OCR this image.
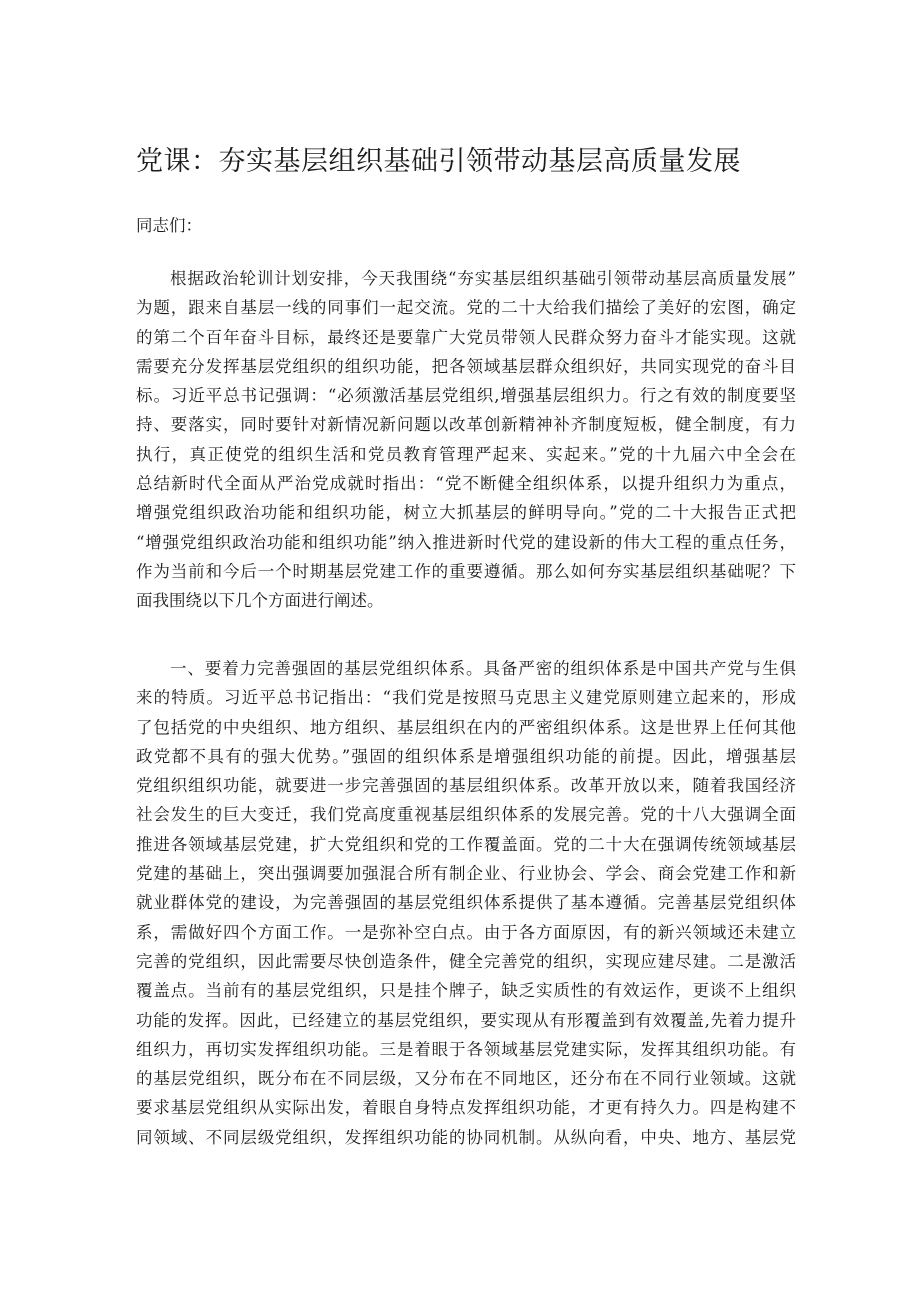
党课：夯实基层组织基础引领带动基层高质量发展

同志们：

根据政治轮训计划安排，今天我围绕“夯实基层组织基础引领带动基层高质量发展”
为题，跟来自基层一线的同事们一起交流。党的二十大给我们描绘了美好的宏图，确定
的第二个百年奋斗目标，最终还是要靠广大党员带领人民群众努力奋斗才能实现。这就
需要充分发挥基层党组织的组织功能，把各领域基层群众组织好，共同实现党的奋斗目
标。习近平总书记强调：“必须激活基层党组织,增强基层组织力。行之有效的制度要坚
持、要落实，同时要针对新情况新问题以改革创新精神补齐制度短板，健全制度，有力
执行，真正使党的组织生活和党员教育管理严起来、实起来。”党的十九届六中全会在
总结新时代全面从严治党成就时指出：“党不断健全组织体系，以提升组织力为重点，
增强党组织政治功能和组织功能，树立大抓基层的鲜明导向。”党的二十大报告正式把
“增强党组织政治功能和组织功能”纳入推进新时代党的建设新的伟大工程的重点任务，
作为当前和今后一个时期基层党建工作的重要遵循。那么如何夯实基层组织基础呢？下
面我围绕以下几个方面进行阐述。
一、要着力完善强固的基层党组织体系。具备严密的组织体系是中国共产党与生俱
来的特质。习近平总书记指出：“我们党是按照马克思主义建党原则建立起来的，形成
了包括党的中央组织、地方组织、基层组织在内的严密组织体系。这是世界上任何其他
政党都不具有的强大优势。”强固的组织体系是增强组织功能的前提。因此，增强基层
党组织组织功能，就要进一步完善强固的基层组织体系。改革开放以来，随着我国经济
社会发生的巨大变迁，我们党高度重视基层组织体系的发展完善。党的十八大强调全面
推进各领域基层党建，扩大党组织和党的工作覆盖面。党的二十大在强调传统领域基层
党建的基础上，突出强调要加强混合所有制企业、行业协会、学会、商会党建工作和新
就业群体党的建设，为完善强固的基层党组织体系提供了基本遵循。完善基层党组织体
系，需做好四个方面工作。一是弥补空白点。由于各方面原因，有的新兴领域还未建立
完善的党组织，因此需要尽快创造条件，健全完善党的组织，实现应建尽建。二是激活
覆盖点。当前有的基层党组织，只是挂个牌子，缺乏实质性的有效运作，更谈不上组织
功能的发挥。因此，已经建立的基层党组织，要实现从有形覆盖到有效覆盖,先着力提升
组织力，再切实发挥组织功能。三是着眼于各领域基层党建实际，发挥其组织功能。有
的基层党组织，既分布在不同层级，又分布在不同地区，还分布在不同行业领域。这就
要求基层党组织从实际出发，着眼自身特点发挥组织功能，才更有持久力。四是构建不
同领域、不同层级党组织，发挥组织功能的协同机制。从纵向看，中央、地方、基层党
